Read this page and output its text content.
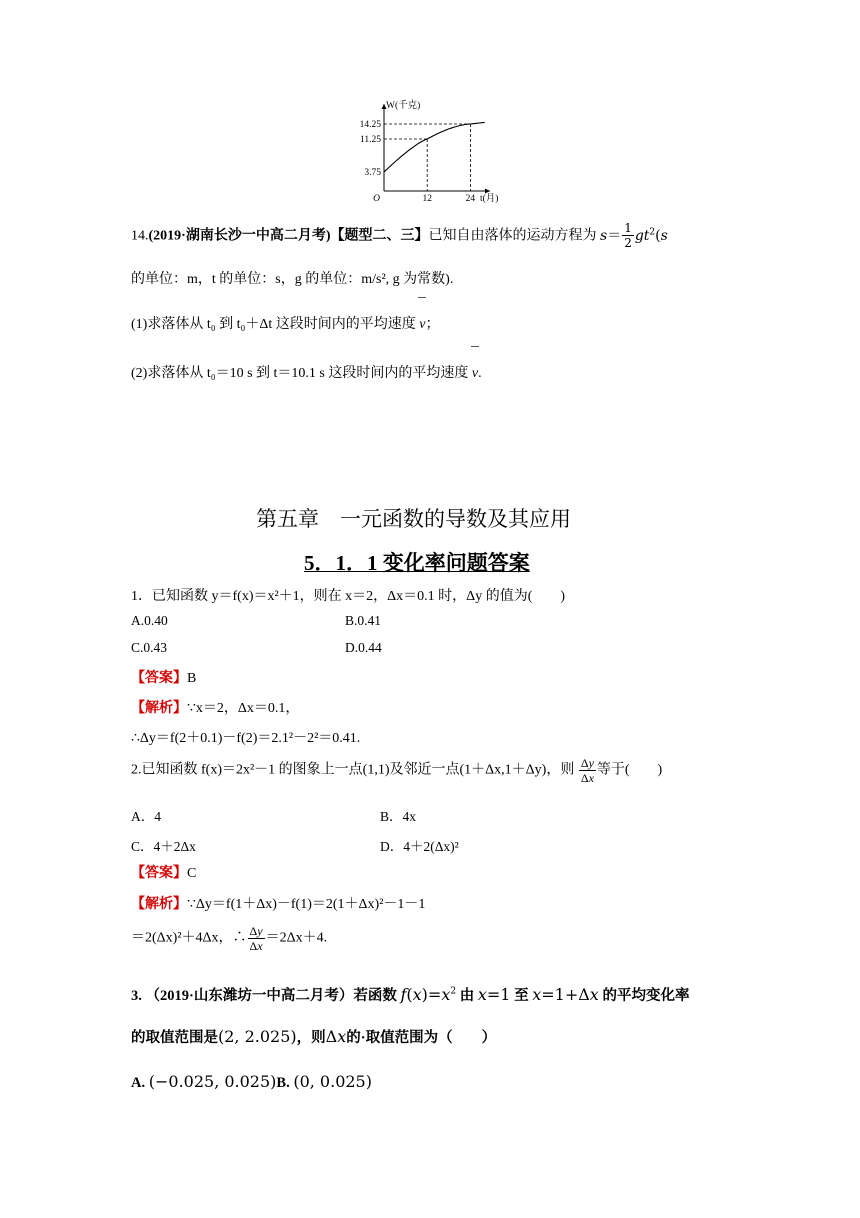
W(千克)
O
14.25
11.25
3.75
12	24 t(月)
14.(2019·湖南长沙一中高二月考)【题型二、三】已知自由落体的运动方程为 $s= \frac{1}{2} gt^2(s$
的单位：m，t 的单位：s，g 的单位：m/s², g 为常数).
(1)求落体从 t₀ 到 t₀＋Δt 这段时间内的平均速度 v；
(2)求落体从 t₀＝10 s 到 t＝10.1 s 这段时间内的平均速度 v.
第五章　一元函数的导数及其应用
5．1．1 变化率问题答案
1．已知函数 y＝f(x)＝x²＋1，则在 x＝2，Δx＝0.1 时，Δy 的值为(　　)
A.0.40	B.0.41
C.0.43	D.0.44
【答案】B
【解析】∵x＝2，Δx＝0.1，
∴Δy＝f(2＋0.1)－f(2)＝2.1²－2²＝0.41.
2.已知函数 f(x)＝2x²－1 的图象上一点(1,1)及邻近一点(1＋Δx,1＋Δy)，则 $\frac{\Delta y}{\Delta x}$ 等于(　　)
A．4	B．4x
C．4＋2Δx	D．4＋2(Δx)²
【答案】C
【解析】∵Δy＝f(1＋Δx)－f(1)＝2(1＋Δx)²－1－1
＝2(Δx)²＋4Δx，∴ $\frac{\Delta y}{\Delta x} =2\Delta x+4$.
3. （2019·山东潍坊一中高二月考）若函数 $f(x)=x^2$ 由 x=1 至 x=1+Δx 的平均变化率
的取值范围是(2, 2.025)，则Δx的·取值范围为（　　）
A. (−0.025, 0.025)B. (0, 0.025)
